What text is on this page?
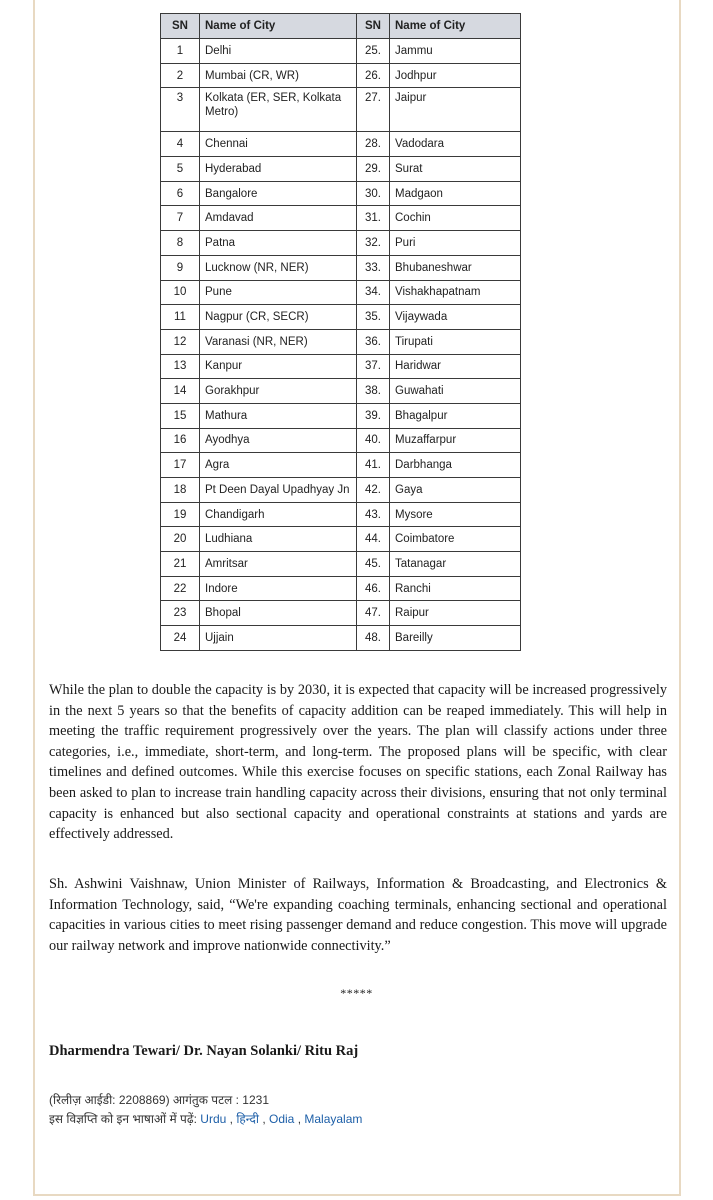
SN	Name of City	SN	Name of City
1	Delhi	25.	Jammu
2	Mumbai (CR, WR)	26.	Jodhpur
3	Kolkata (ER, SER, Kolkata Metro)	27.	Jaipur
4	Chennai	28.	Vadodara
5	Hyderabad	29.	Surat
6	Bangalore	30.	Madgaon
7	Amdavad	31.	Cochin
8	Patna	32.	Puri
9	Lucknow (NR, NER)	33.	Bhubaneshwar
10	Pune	34.	Vishakhapatnam
11	Nagpur (CR, SECR)	35.	Vijaywada
12	Varanasi (NR, NER)	36.	Tirupati
13	Kanpur	37.	Haridwar
14	Gorakhpur	38.	Guwahati
15	Mathura	39.	Bhagalpur
16	Ayodhya	40.	Muzaffarpur
17	Agra	41.	Darbhanga
18	Pt Deen Dayal Upadhyay Jn	42.	Gaya
19	Chandigarh	43.	Mysore
20	Ludhiana	44.	Coimbatore
21	Amritsar	45.	Tatanagar
22	Indore	46.	Ranchi
23	Bhopal	47.	Raipur
24	Ujjain	48.	Bareilly

While the plan to double the capacity is by 2030, it is expected that capacity will be increased progressively in the next 5 years so that the benefits of capacity addition can be reaped immediately. This will help in meeting the traffic requirement progressively over the years. The plan will classify actions under three categories, i.e., immediate, short-term, and long-term. The proposed plans will be specific, with clear timelines and defined outcomes. While this exercise focuses on specific stations, each Zonal Railway has been asked to plan to increase train handling capacity across their divisions, ensuring that not only terminal capacity is enhanced but also sectional capacity and operational constraints at stations and yards are effectively addressed.

Sh. Ashwini Vaishnaw, Union Minister of Railways, Information & Broadcasting, and Electronics & Information Technology, said, “We're expanding coaching terminals, enhancing sectional and operational capacities in various cities to meet rising passenger demand and reduce congestion. This move will upgrade our railway network and improve nationwide connectivity.”

*****
Dharmendra Tewari/ Dr. Nayan Solanki/ Ritu Raj
(रिलीज़ आईडी: 2208869) आगंतुक पटल : 1231
इस विज्ञप्ति को इन भाषाओं में पढ़ें: Urdu , हिन्दी , Odia , Malayalam
